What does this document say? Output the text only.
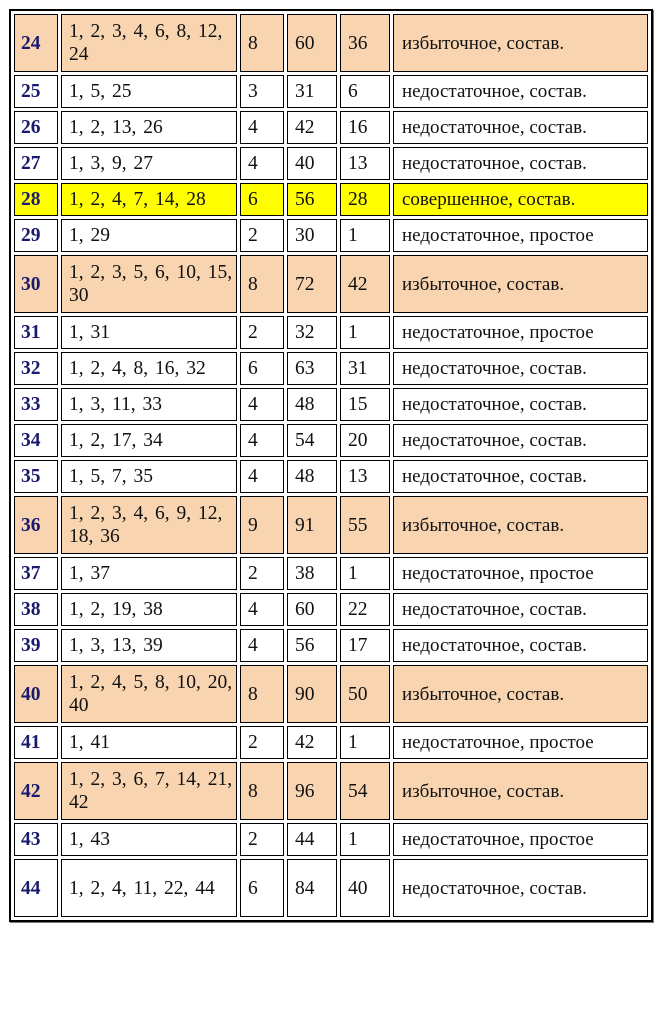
24	1, 2, 3, 4, 6, 8, 12, 24	8	60	36	избыточное, состав.
25	1, 5, 25	3	31	6	недостаточное, состав.
26	1, 2, 13, 26	4	42	16	недостаточное, состав.
27	1, 3, 9, 27	4	40	13	недостаточное, состав.
28	1, 2, 4, 7, 14, 28	6	56	28	совершенное, состав.
29	1, 29	2	30	1	недостаточное, простое
30	1, 2, 3, 5, 6, 10, 15, 30	8	72	42	избыточное, состав.
31	1, 31	2	32	1	недостаточное, простое
32	1, 2, 4, 8, 16, 32	6	63	31	недостаточное, состав.
33	1, 3, 11, 33	4	48	15	недостаточное, состав.
34	1, 2, 17, 34	4	54	20	недостаточное, состав.
35	1, 5, 7, 35	4	48	13	недостаточное, состав.
36	1, 2, 3, 4, 6, 9, 12, 18, 36	9	91	55	избыточное, состав.
37	1, 37	2	38	1	недостаточное, простое
38	1, 2, 19, 38	4	60	22	недостаточное, состав.
39	1, 3, 13, 39	4	56	17	недостаточное, состав.
40	1, 2, 4, 5, 8, 10, 20, 40	8	90	50	избыточное, состав.
41	1, 41	2	42	1	недостаточное, простое
42	1, 2, 3, 6, 7, 14, 21, 42	8	96	54	избыточное, состав.
43	1, 43	2	44	1	недостаточное, простое
44	1, 2, 4, 11, 22, 44	6	84	40	недостаточное, состав.
